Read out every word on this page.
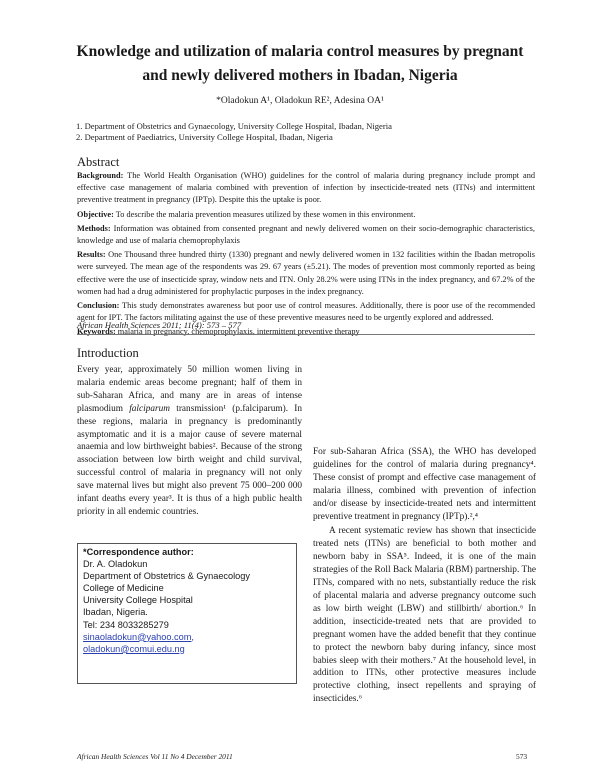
Knowledge and utilization of malaria control measures by pregnant
and newly delivered mothers in Ibadan, Nigeria
*Oladokun A¹, Oladokun RE², Adesina OA¹
1. Department of Obstetrics and Gynaecology, University College Hospital, Ibadan, Nigeria
2. Department of Paediatrics, University College Hospital, Ibadan, Nigeria
Abstract

Background: The World Health Organisation (WHO) guidelines for the control of malaria during pregnancy include prompt and effective case management of malaria combined with prevention of infection by insecticide-treated nets (ITNs) and intermittent preventive treatment in pregnancy (IPTp). Despite this the uptake is poor.

Objective: To describe the malaria prevention measures utilized by these women in this environment.

Methods: Information was obtained from consented pregnant and newly delivered women on their socio-demographic characteristics, knowledge and use of malaria chemoprophylaxis

Results: One Thousand three hundred thirty (1330) pregnant and newly delivered women in 132 facilities within the Ibadan metropolis were surveyed. The mean age of the respondents was 29. 67 years (±5.21). The modes of prevention most commonly reported as being effective were the use of insecticide spray, window nets and ITN. Only 28.2% were using ITNs in the index pregnancy, and 67.2% of the women had had a drug administered for prophylactic purposes in the index pregnancy.

Conclusion: This study demonstrates awareness but poor use of control measures. Additionally, there is poor use of the recommended agent for IPT. The factors militating against the use of these preventive measures need to be urgently explored and addressed.

Keywords: malaria in pregnancy, chemoprophylaxis, intermittent preventive therapy

African Health Sciences 2011; 11(4): 573 – 577
Introduction

Every year, approximately 50 million women living in malaria endemic areas become pregnant; half of them in sub-Saharan Africa, and many are in areas of intense plasmodium falciparum transmission¹ (p.falciparum). In these regions, malaria in pregnancy is predominantly asymptomatic and it is a major cause of severe maternal anaemia and low birthweight babies². Because of the strong association between low birth weight and child survival, successful control of malaria in pregnancy will not only save maternal lives but might also prevent 75 000–200 000 infant deaths every year³. It is thus of a high public health priority in all endemic countries.

*Correspondence author:
Dr. A. Oladokun
Department of Obstetrics & Gynaecology
College of Medicine
University College Hospital
Ibadan, Nigeria.
Tel: 234 8033285279
sinaoladokun@yahoo.com,
oladokun@comui.edu.ng

For sub-Saharan Africa (SSA), the WHO has developed guidelines for the control of malaria during pregnancy⁴. These consist of prompt and effective case management of malaria illness, combined with prevention of infection and/or disease by insecticide-treated nets and intermittent preventive treatment in pregnancy (IPTp).²,⁴

A recent systematic review has shown that insecticide treated nets (ITNs) are beneficial to both mother and newborn baby in SSA⁵. Indeed, it is one of the main strategies of the Roll Back Malaria (RBM) partnership. The ITNs, compared with no nets, substantially reduce the risk of placental malaria and adverse pregnancy outcome such as low birth weight (LBW) and stillbirth/ abortion.⁶ In addition, insecticide-treated nets that are provided to pregnant women have the added benefit that they continue to protect the newborn baby during infancy, since most babies sleep with their mothers.⁷ At the household level, in addition to ITNs, other protective measures include protective clothing, insect repellents and spraying of insecticides.⁶

African Health Sciences Vol 11 No 4 December 2011	573
